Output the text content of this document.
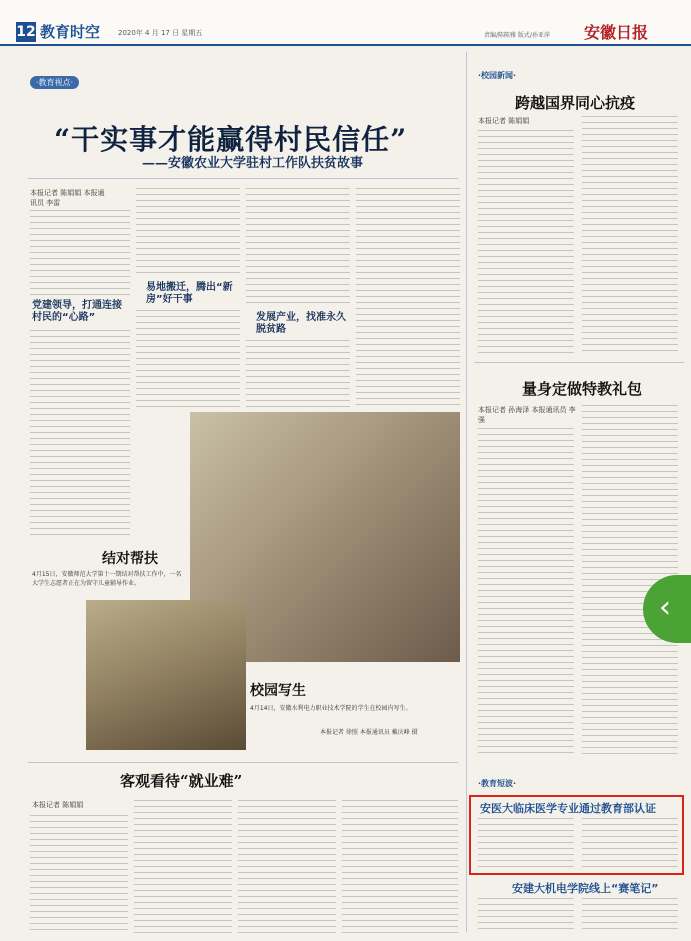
12 教育时空	2020年 4 月 17 日 星期五	责编/陈陈雅 版式/孙亚萍 安徽日报
·教育视点·
“干实事才能赢得村民信任”
——安徽农业大学驻村工作队扶贫故事
本报记者 陈娟娟 本报通讯员 李雷
党建领导，打通连接村民的“心路”
易地搬迁，腾出“新房”好干事
发展产业，找准永久脱贫路
结对帮扶
4月15日，安徽师范大学第十一期结对帮扶工作中，一名大学生志愿者正在为留守儿童辅导作业。
校园写生
4月14日，安徽水利电力职业技术学院的学生在校园内写生。
本报记者 徐照 本报通讯员 戴庆峰 摄
客观看待“就业难”
本报记者 陈娟娟
·校园新闻·
跨越国界同心抗疫
本报记者 陈娟娟
量身定做特教礼包
本报记者 孙海泽 本报通讯员 李强
·教育短波·
安医大临床医学专业通过教育部认证
安建大机电学院线上“赛笔记”
‹
